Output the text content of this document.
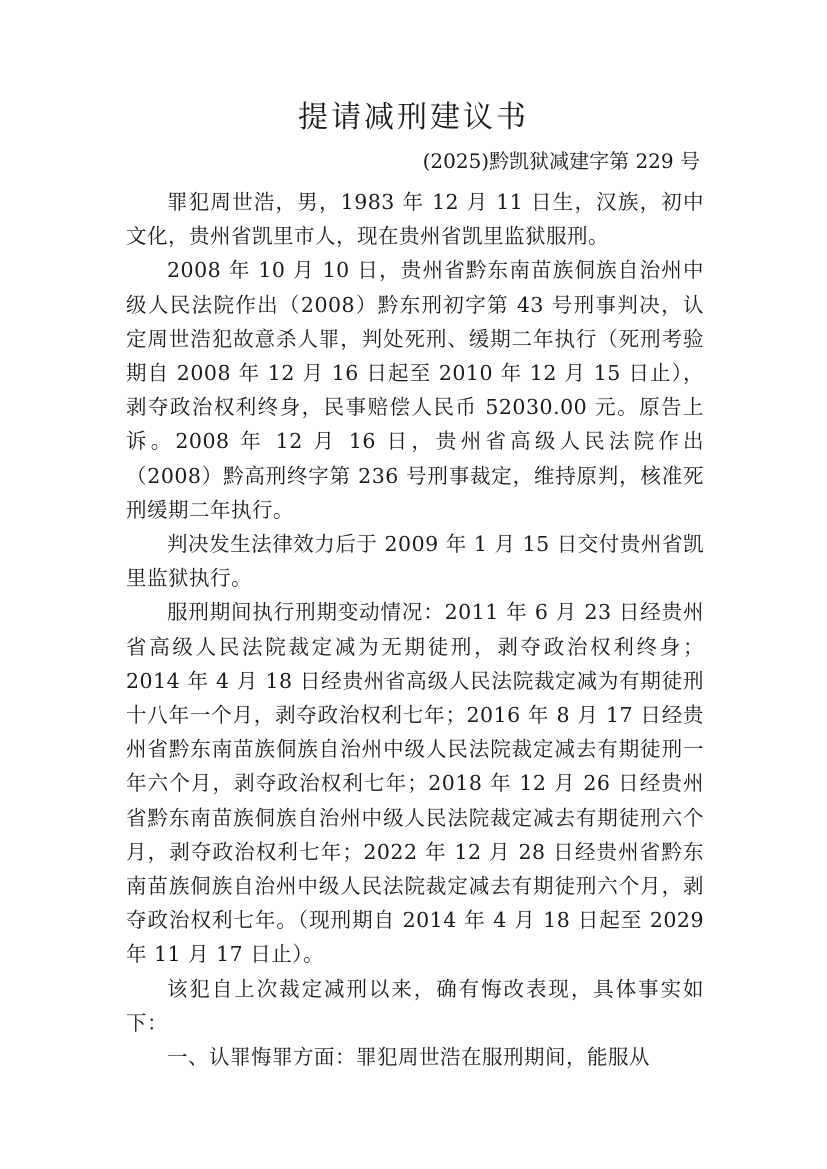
提请减刑建议书
(2025)黔凯狱减建字第 229 号

罪犯周世浩，男，1983 年 12 月 11 日生，汉族，初中文化，贵州省凯里市人，现在贵州省凯里监狱服刑。

2008 年 10 月 10 日，贵州省黔东南苗族侗族自治州中级人民法院作出（2008）黔东刑初字第 43 号刑事判决，认定周世浩犯故意杀人罪，判处死刑、缓期二年执行（死刑考验期自 2008 年 12 月 16 日起至 2010 年 12 月 15 日止），剥夺政治权利终身，民事赔偿人民币 52030.00 元。原告上诉。2008 年 12 月 16 日，贵州省高级人民法院作出（2008）黔高刑终字第 236 号刑事裁定，维持原判，核准死刑缓期二年执行。

判决发生法律效力后于 2009 年 1 月 15 日交付贵州省凯里监狱执行。

服刑期间执行刑期变动情况：2011 年 6 月 23 日经贵州省高级人民法院裁定减为无期徒刑，剥夺政治权利终身；2014 年 4 月 18 日经贵州省高级人民法院裁定减为有期徒刑十八年一个月，剥夺政治权利七年；2016 年 8 月 17 日经贵州省黔东南苗族侗族自治州中级人民法院裁定减去有期徒刑一年六个月，剥夺政治权利七年；2018 年 12 月 26 日经贵州省黔东南苗族侗族自治州中级人民法院裁定减去有期徒刑六个月，剥夺政治权利七年；2022 年 12 月 28 日经贵州省黔东南苗族侗族自治州中级人民法院裁定减去有期徒刑六个月，剥夺政治权利七年。（现刑期自 2014 年 4 月 18 日起至 2029 年 11 月 17 日止）。

该犯自上次裁定减刑以来，确有悔改表现，具体事实如下：

一、认罪悔罪方面：罪犯周世浩在服刑期间，能服从
